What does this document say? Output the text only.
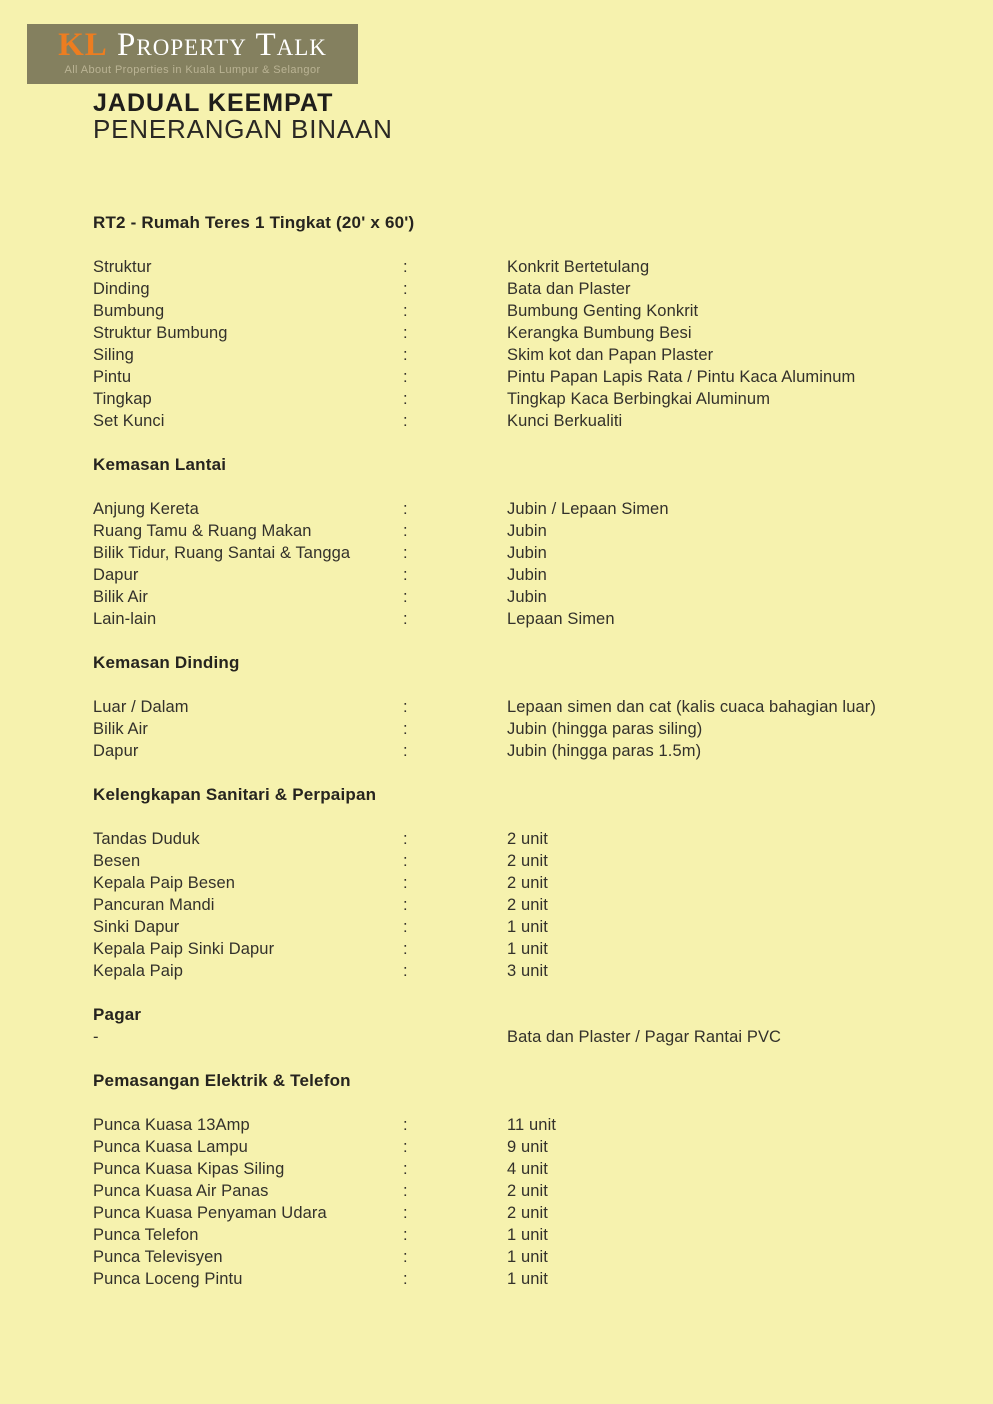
KL Property Talk
All About Properties in Kuala Lumpur & Selangor
JADUAL KEEMPAT
PENERANGAN BINAAN
RT2 - Rumah Teres 1 Tingkat (20' x 60')
Struktur	:	Konkrit Bertetulang
Dinding	:	Bata dan Plaster
Bumbung	:	Bumbung Genting Konkrit
Struktur Bumbung	:	Kerangka Bumbung Besi
Siling	:	Skim kot dan Papan Plaster
Pintu	:	Pintu Papan Lapis Rata / Pintu Kaca Aluminum
Tingkap	:	Tingkap Kaca Berbingkai Aluminum
Set Kunci	:	Kunci Berkualiti
Kemasan Lantai
Anjung Kereta	:	Jubin / Lepaan Simen
Ruang Tamu & Ruang Makan	:	Jubin
Bilik Tidur, Ruang Santai & Tangga	:	Jubin
Dapur	:	Jubin
Bilik Air	:	Jubin
Lain-lain	:	Lepaan Simen
Kemasan Dinding
Luar / Dalam	:	Lepaan simen dan cat (kalis cuaca bahagian luar)
Bilik Air	:	Jubin (hingga paras siling)
Dapur	:	Jubin (hingga paras 1.5m)
Kelengkapan Sanitari & Perpaipan
Tandas Duduk	:	2 unit
Besen	:	2 unit
Kepala Paip Besen	:	2 unit
Pancuran Mandi	:	2 unit
Sinki Dapur	:	1 unit
Kepala Paip Sinki Dapur	:	1 unit
Kepala Paip	:	3 unit
Pagar
-	Bata dan Plaster / Pagar Rantai PVC
Pemasangan Elektrik & Telefon
Punca Kuasa 13Amp	:	11 unit
Punca Kuasa Lampu	:	9 unit
Punca Kuasa Kipas Siling	:	4 unit
Punca Kuasa Air Panas	:	2 unit
Punca Kuasa Penyaman Udara	:	2 unit
Punca Telefon	:	1 unit
Punca Televisyen	:	1 unit
Punca Loceng Pintu	:	1 unit
